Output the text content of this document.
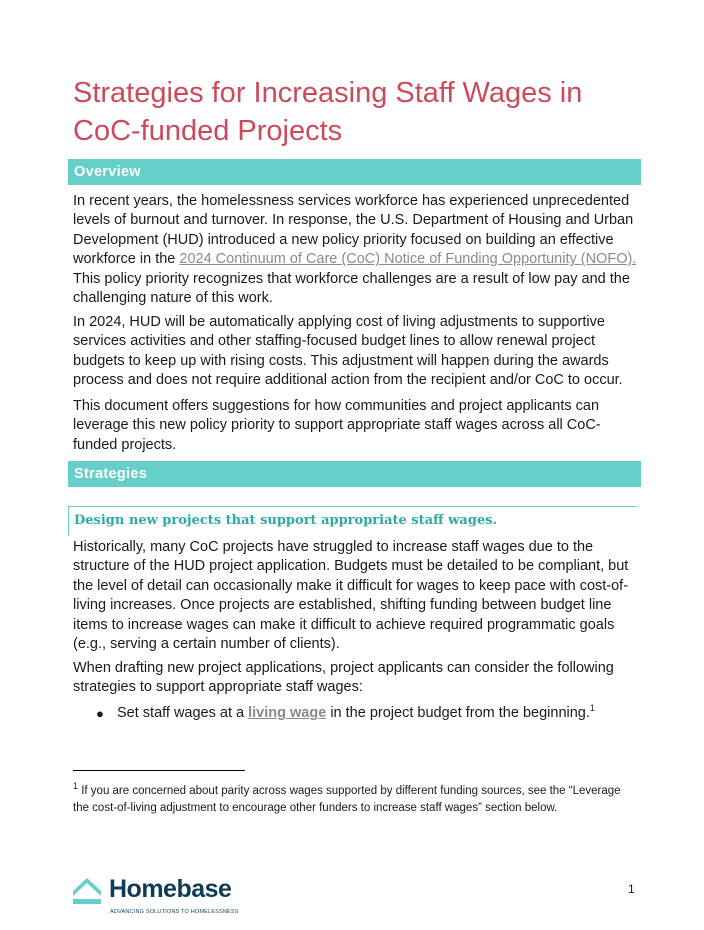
Strategies for Increasing Staff Wages in CoC-funded Projects
Overview

In recent years, the homelessness services workforce has experienced unprecedented levels of burnout and turnover. In response, the U.S. Department of Housing and Urban Development (HUD) introduced a new policy priority focused on building an effective workforce in the 2024 Continuum of Care (CoC) Notice of Funding Opportunity (NOFO). This policy priority recognizes that workforce challenges are a result of low pay and the challenging nature of this work.

In 2024, HUD will be automatically applying cost of living adjustments to supportive services activities and other staffing-focused budget lines to allow renewal project budgets to keep up with rising costs. This adjustment will happen during the awards process and does not require additional action from the recipient and/or CoC to occur.

This document offers suggestions for how communities and project applicants can leverage this new policy priority to support appropriate staff wages across all CoC-funded projects.

Strategies
Design new projects that support appropriate staff wages.

Historically, many CoC projects have struggled to increase staff wages due to the structure of the HUD project application. Budgets must be detailed to be compliant, but the level of detail can occasionally make it difficult for wages to keep pace with cost-of-living increases. Once projects are established, shifting funding between budget line items to increase wages can make it difficult to achieve required programmatic goals (e.g., serving a certain number of clients).

When drafting new project applications, project applicants can consider the following strategies to support appropriate staff wages:

● Set staff wages at a living wage in the project budget from the beginning.$^1$
$^1$ If you are concerned about parity across wages supported by different funding sources, see the “Leverage the cost-of-living adjustment to encourage other funders to increase staff wages” section below.
Homebase
ADVANCING SOLUTIONS TO HOMELESSNESS
1
